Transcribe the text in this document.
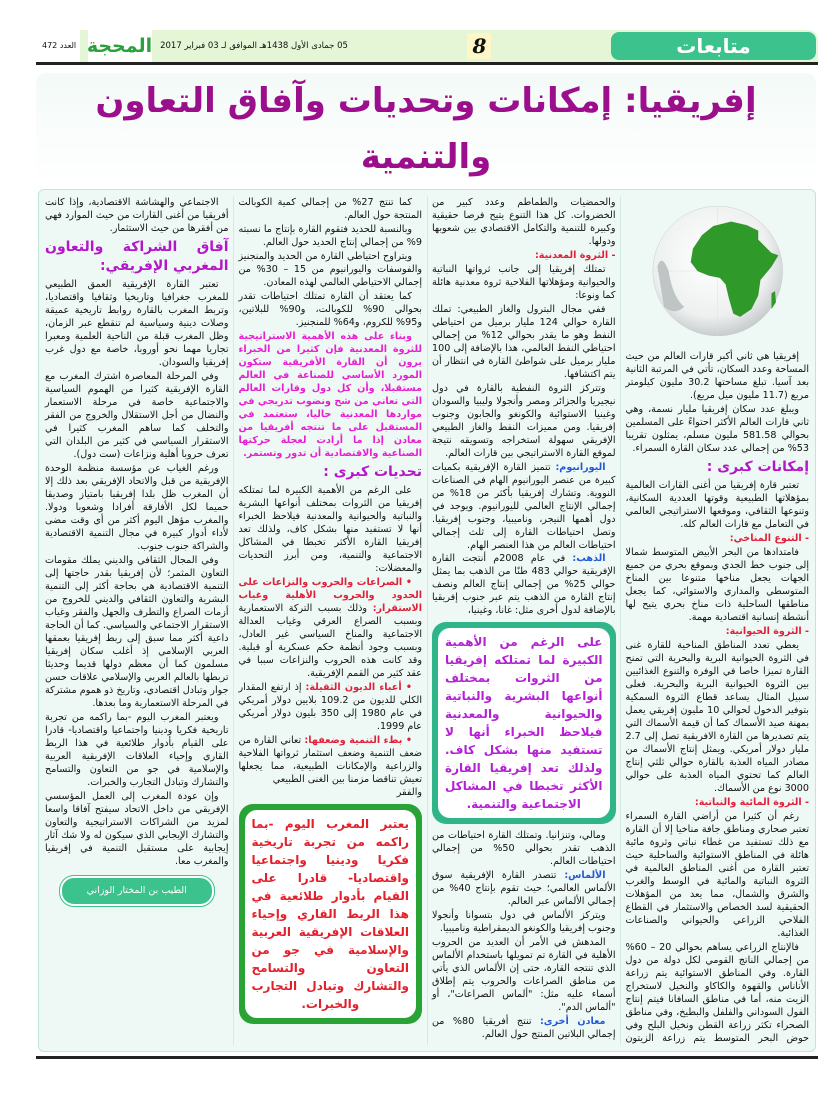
متابعات
8
05 جمادى الأول 1438هـ الموافق لـ 03 فبراير 2017
المحجة
العدد 472
إفريقيا: إمكانات وتحديات وآفاق التعاون والتنمية

إفريقيا هي ثاني أكبر قارات العالم من حيث المساحة وعدد السكان، تأتي في المرتبة الثانية بعد آسيا. تبلغ مساحتها 30.2 مليون كيلومتر مربع (11.7 مليون ميل مربع).

ويبلغ عدد سكان إفريقيا مليار نسمة، وهي ثاني قارات العالم الأكثر احتواءً على المسلمين بحوالي 581.58 مليون مسلم، يمثلون تقريبا 53% من إجمالي عدد سكان القارة السمراء.

إمكانات كبرى :

تعتبر قارة إفريقيا من أغنى القارات العالمية بمؤهلاتها الطبيعية وقوتها العددية السكانية، وتنوعها الثقافي، وموقعها الاستراتيجي العالمي في التعامل مع قارات العالم كله.

- التنوع المناخي:

فامتدادها من البحر الأبيض المتوسط شمالا إلى جنوب خط الجدي وبموقع بحري من جميع الجهات يجعل مناخها متنوعا بين المناخ المتوسطي والمداري والاستوائي، كما يجعل مناطقها الساحلية ذات مناخ بحري يتيح لها أنشطة إنسانية اقتصادية مهمة.

- الثروة الحيوانية:

يعطي تعدد المناطق المناخية للقارة غنى في الثروة الحيوانية البرية والبحرية التي تمنح القارة تميزا خاصا في الوفرة والتنوع الغذائيين بين الثروة الحيوانية البرية والبحرية. فعلى سبيل المثال يساعد قطاع الثروة السمكية بتوفير الدخول لحوالي 10 مليون إفريقي يعمل بمهنة صيد الأسماك كما أن قيمة الأسماك التي يتم تصديرها من القارة الافريقية تصل إلى 2.7 مليار دولار أمريكي. ويمثل إنتاج الأسماك من مصادر المياه العذبة بالقارة حوالي ثلثي إنتاج العالم كما تحتوي المياه العذبة على حوالي 3000 نوع من الأسماك.

- الثروة المائية والنباتية:

رغم أن كثيرا من أراضي القارة السمراء تعتبر صحاري ومناطق جافة مناخيا إلا أن القارة مع ذلك تستفيد من غطاء نباتي وثروة مائية هائلة في المناطق الاستوائية والساحلية حيث تعتبر القارة من أغنى المناطق العالمية في الثروة النباتية والمائية في الوسط والغرب والشرق والشمال، مما يعد من المؤهلات الحقيقية لسد الخصاص والاستثمار في القطاع الفلاحي الزراعي والحيواني والصناعات الغذائية.

فالإنتاج الزراعي يساهم بحوالي 20 – 60% من إجمالي الناتج القومي لكل دولة من دول القارة. وفي المناطق الاستوائية يتم زراعة الأناناس والقهوة والكاكاو والنخيل لاستخراج الزيت منه، أما في مناطق السافانا فيتم إنتاج الفول السوداني والفلفل والبطيخ، وفي مناطق الصحراء تكثر زراعة القطن ونخيل البلح وفي حوض البحر المتوسط يتم زراعة الزيتون والحمضيات والطماطم وعدد كبير من الخضروات. كل هذا التنوع يتيح فرصا حقيقية وكبيرة للتنمية والتكامل الاقتصادي بين شعوبها ودولها.

- الثروة المعدنية:

تمتلك إفريقيا إلى جانب ثرواتها النباتية والحيوانية ومؤهلاتها الفلاحية ثروة معدنية هائلة كما ونوعا:

ففي مجال البترول والغاز الطبيعي: تملك القارة حوالي 124 مليار برميل من احتياطي النفط وهو ما يقدر بحوالي 12% من إجمالي احتياطي النفط العالمي، هذا بالإضافة إلى 100 مليار برميل على شواطئ القارة في انتظار أن يتم اكتشافها.

وتتركز الثروة النفطية بالقارة في دول نيجيريا والجزائر ومصر وأنجولا وليبيا والسودان وغينيا الاستوائية والكونغو والجابون وجنوب إفريقيا. ومن مميزات النفط والغاز الطبيعي الإفريقي سهولة استخراجه وتسويقه نتيجة لموقع القارة الاستراتيجي بين قارات العالم.

اليورانيوم: تتميز القارة الإفريقية بكميات كبيرة من عنصر اليورانيوم الهام في الصناعات النووية. وتشارك إفريقيا بأكثر من 18% من إجمالي الإنتاج العالمي لليورانيوم. ويوجد في دول أهمها النيجر، وناميبيا، وجنوب إفريقيا. وتصل احتياطات القارة إلى ثلث إجمالي احتياطات العالم من هذا العنصر الهام.

الذهب: في عام 2008م أنتجت القارة الإفريقية حوالي 483 طنًا من الذهب بما يمثل حوالي 25% من إجمالي إنتاج العالم ونصف إنتاج القارة من الذهب يتم عبر جنوب إفريقيا بالإضافة لدول أخرى مثل: غانا، وغينيا،

على الرغم من الأهمية الكبيرة لما تمتلكه إفريقيا من الثروات بمختلف أنواعها البشرية والنباتية والحيوانية والمعدنية فيلاحظ الخبراء أنها لا تستفيد منها بشكل كاف. ولذلك تعد إفريقيا القارة الأكثر تخبطا في المشاكل الاجتماعية والتنمية.

ومالي، وتنزانيا. وتمتلك القارة احتياطات من الذهب تقدر بحوالي 50% من إجمالي احتياطات العالم.

الألماس: تتصدر القارة الإفريقية سوق الألماس العالمي؛ حيث تقوم بإنتاج 40% من إجمالي الألماس عبر العالم.

ويتركز الألماس في دول بتسوانا وأنجولا وجنوب إفريقيا والكونغو الديمقراطية وناميبيا.

المدهش في الأمر أن العديد من الحروب الأهلية في القارة تم تمويلها باستخدام الألماس الذي تنتجه القارة، حتى إن الألماس الذي يأتي من مناطق الصراعات والحروب يتم إطلاق أسماء عليه مثل: "ألماس الصراعات"، أو "ألماس الدم".

معادن أخرى: تنتج أفريقيا 80% من إجمالي البلاتين المنتج حول العالم.

كما تنتج 27% من إجمالي كمية الكوبالت المنتجة حول العالم.

وبالنسبة للحديد فتقوم القارة بإنتاج ما نسبته 9% من إجمالي إنتاج الحديد حول العالم.

ويتراوح احتياطي القارة من الحديد والمنجنيز والفوسفات واليورانيوم من 15 – 30% من إجمالي الاحتياطي العالمي لهذه المعادن.

كما يعتقد أن القارة تمتلك احتياطات تقدر بحوالي 90% للكوبالت، و90% للبلاتين، و95% للكروم، و64% للمنجنيز.

وبناء على هذه الأهمية الاستراتيجية للثروة المعدنية فإن كثيرا من الخبراء يرون أن القارة الأفريقية ستكون المورد الأساسي للصناعة في العالم مستقبلا، وأن كل دول وقارات العالم التي تعاني من شح ونضوب تدريجي في مواردها المعدنية حاليا، ستعتمد في المستقبل على ما تنتجه أفريقيا من معادن إذا ما أرادت لعجلة حركتها الصناعية والاقتصادية أن تدور وتستمر.

تحديات كبرى :

على الرغم من الأهمية الكبيرة لما تمتلكه إفريقيا من الثروات بمختلف أنواعها البشرية والنباتية والحيوانية والمعدنية فيلاحظ الخبراء أنها لا تستفيد منها بشكل كاف، ولذلك تعد إفريقيا القارة الأكثر تخبطا في المشاكل الاجتماعية والتنمية، ومن أبرز التحديات والمعضلات:

• الصراعات والحروب والنزاعات على الحدود والحروب الأهلية وغياب الاستقرار: وذلك بسبب التركة الاستعمارية وبسبب الصراع العرقي وغياب العدالة الاجتماعية والمناخ السياسي غير العادل، وبسبب وجود أنظمة حكم عسكرية أو قبلية. وقد كانت هذه الحروب والنزاعات سببا في عقد كثير من القمم الإفريقية.

• أعباء الديون الثقيلة: إذ ارتفع المقدار الكلي للديون من 109.2 بلايين دولار أمريكي في عام 1980 إلى 350 بليون دولار أمريكي عام 1999.

• بطء التنمية وضعفها: تعاني القارة من ضعف التنمية وضعف استثمار ثرواتها الفلاحية والزراعية والإمكانات الطبيعية، مما يجعلها تعيش تناقضا مزمنا بين الغنى الطبيعي

والفقر

يعتبر المغرب اليوم -بما راكمه من تجربة تاريخية فكريا ودينيا واجتماعيا واقتصاديا- قادرا على القيام بأدوار طلائعية في هذا الربط القاري وإحياء العلاقات الإفريقية العربية والإسلامية في جو من التعاون والتسامح والتشارك وتبادل التجارب والخبرات.

الاجتماعي والهشاشة الاقتصادية، وإذا كانت أفريقيا من أغنى القارات من حيث الموارد فهي من أفقرها من حيث الاستثمار.

آفاق الشراكة والتعاون المغربي الإفريقي:

تعتبر القارة الإفريقية العمق الطبيعي للمغرب جغرافيا وتاريخيا وثقافيا واقتصاديا، وتربط المغرب بالقارة روابط تاريخية عميقة وصلات دينية وسياسية لم تنقطع عبر الزمان، وظل المغرب قبلة من الناحية العلمية ومعبرا تجاريا مهما نحو أوروبا، خاصة مع دول غرب إفريقيا والسودان.

وفي المرحلة المعاصرة اشترك المغرب مع القارة الإفريقية كثيرا من الهموم السياسية والاجتماعية خاصة في مرحلة الاستعمار والنضال من أجل الاستقلال والخروج من الفقر والتخلف كما ساهم المغرب كثيرا في الاستقرار السياسي في كثير من البلدان التي تعرف حروبا أهلية ونزاعات (ست دول).

ورغم الغياب عن مؤسسة منظمة الوحدة الإفريقية من قبل والاتحاد الإفريقي بعد ذلك إلا أن المغرب ظل بلدا إفريقيا بامتياز وصديقا حميما لكل الأفارقة أفرادا وشعوبا ودولا. والمغرب مؤهل اليوم أكثر من أي وقت مضى لأداء أدوار كبيرة في مجال التنمية الاقتصادية والشراكة جنوب جنوب.

وفي المجال الثقافي والديني يملك مقومات التعاون المثمر؛ لأن إفريقيا بقدر حاجتها إلى التنمية الاقتصادية هي بحاجة أكثر إلى التنمية البشرية والتعاون الثقافي والديني للخروج من أزمات الصراع والتطرف والجهل والفقر وغياب الاستقرار الاجتماعي والسياسي. كما أن الحاجة داعية أكثر مما سبق إلى ربط إفريقيا بعمقها العربي الإسلامي إذ أغلب سكان إفريقيا مسلمون كما أن معظم دولها قديما وحديثا تربطها بالعالم العربي والإسلامي علاقات حسن جوار وتبادل اقتصادي، وتاريخ ذو هموم مشتركة في المرحلة الاستعمارية وما بعدها.

ويعتبر المغرب اليوم -بما راكمه من تجربة تاريخية فكريا ودينيا واجتماعيا واقتصاديا- قادرا على القيام بأدوار طلائعية في هذا الربط القاري وإحياء العلاقات الإفريقية العربية والإسلامية في جو من التعاون والتسامح والتشارك وتبادل التجارب والخبرات.

وإن عودة المغرب إلى العمل المؤسسي الإفريقي من داخل الاتحاد سيفتح آفاقا واسعا لمزيد من الشراكات الاستراتيجية والتعاون والتشارك الإيجابي الذي سيكون له ولا شك آثار إيجابية على مستقبل التنمية في إفريقيا والمغرب معا.

الطيب بن المختار الوزاني
